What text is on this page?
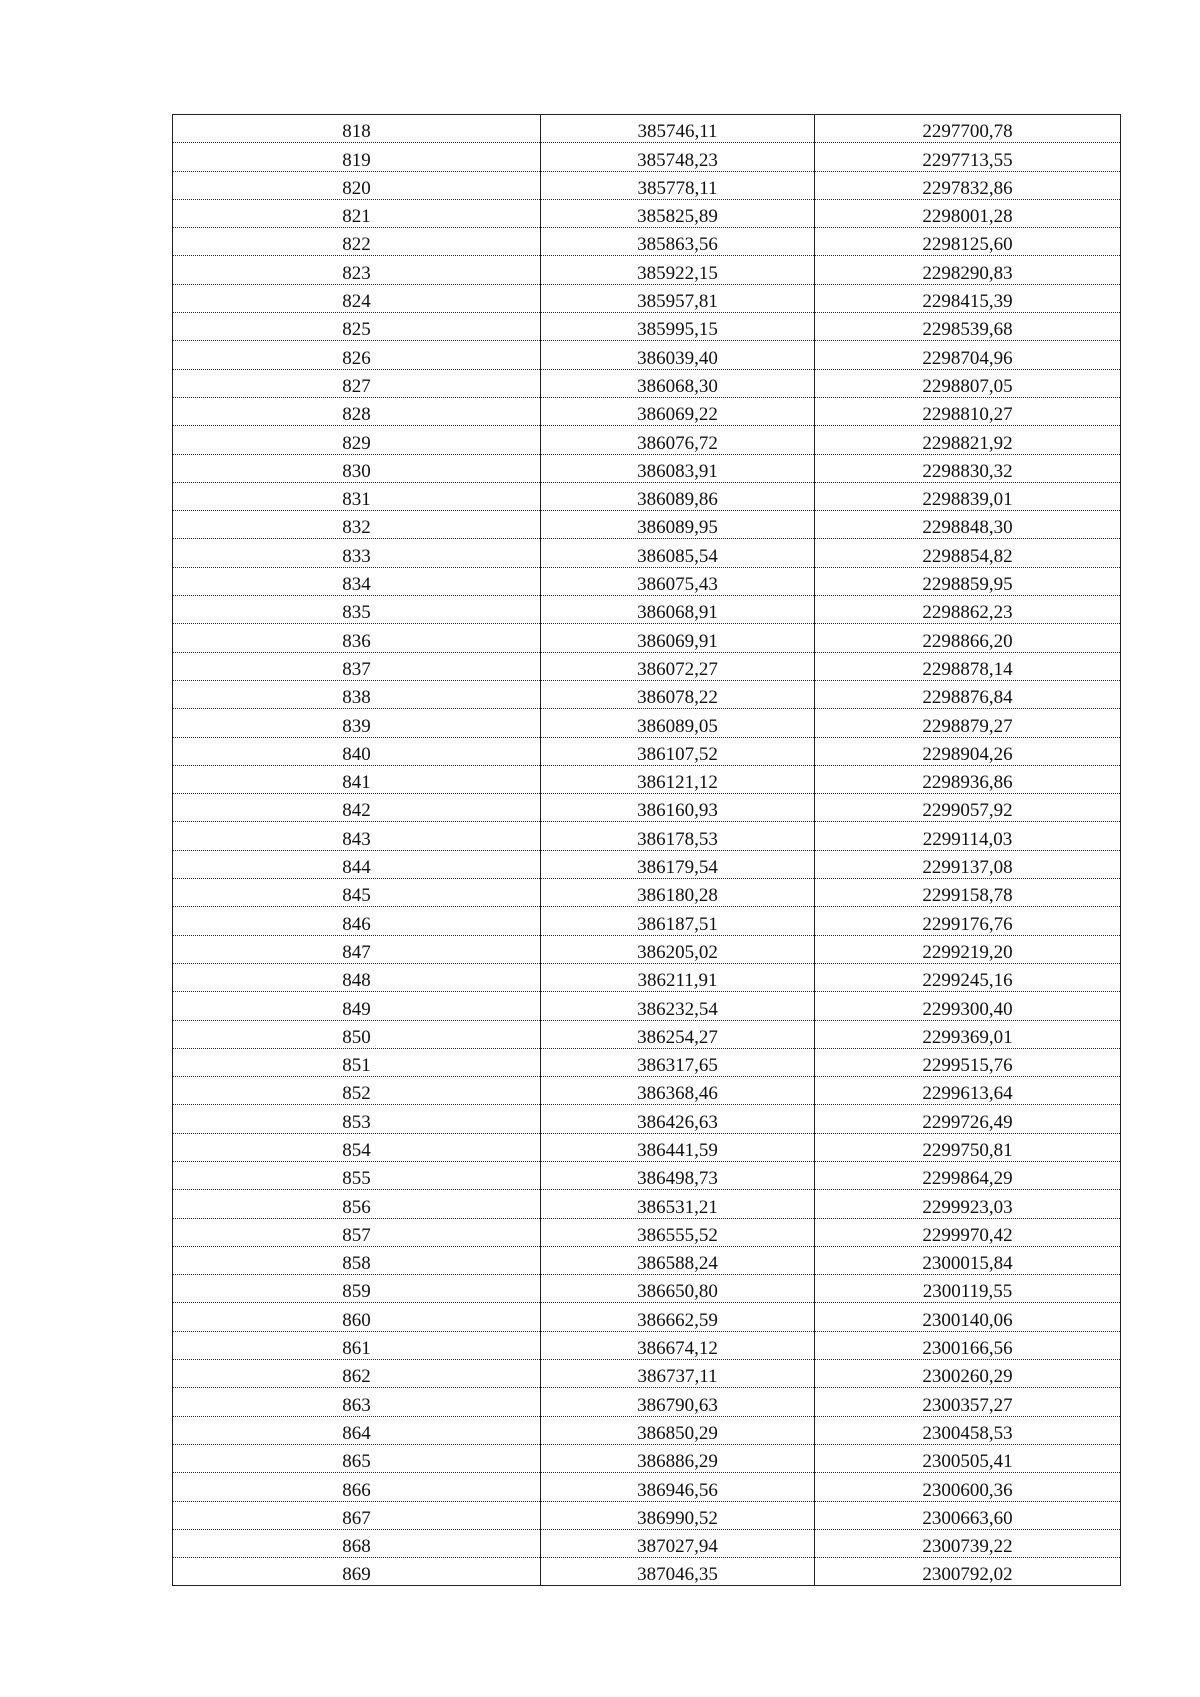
818	385746,11	2297700,78
819	385748,23	2297713,55
820	385778,11	2297832,86
821	385825,89	2298001,28
822	385863,56	2298125,60
823	385922,15	2298290,83
824	385957,81	2298415,39
825	385995,15	2298539,68
826	386039,40	2298704,96
827	386068,30	2298807,05
828	386069,22	2298810,27
829	386076,72	2298821,92
830	386083,91	2298830,32
831	386089,86	2298839,01
832	386089,95	2298848,30
833	386085,54	2298854,82
834	386075,43	2298859,95
835	386068,91	2298862,23
836	386069,91	2298866,20
837	386072,27	2298878,14
838	386078,22	2298876,84
839	386089,05	2298879,27
840	386107,52	2298904,26
841	386121,12	2298936,86
842	386160,93	2299057,92
843	386178,53	2299114,03
844	386179,54	2299137,08
845	386180,28	2299158,78
846	386187,51	2299176,76
847	386205,02	2299219,20
848	386211,91	2299245,16
849	386232,54	2299300,40
850	386254,27	2299369,01
851	386317,65	2299515,76
852	386368,46	2299613,64
853	386426,63	2299726,49
854	386441,59	2299750,81
855	386498,73	2299864,29
856	386531,21	2299923,03
857	386555,52	2299970,42
858	386588,24	2300015,84
859	386650,80	2300119,55
860	386662,59	2300140,06
861	386674,12	2300166,56
862	386737,11	2300260,29
863	386790,63	2300357,27
864	386850,29	2300458,53
865	386886,29	2300505,41
866	386946,56	2300600,36
867	386990,52	2300663,60
868	387027,94	2300739,22
869	387046,35	2300792,02
